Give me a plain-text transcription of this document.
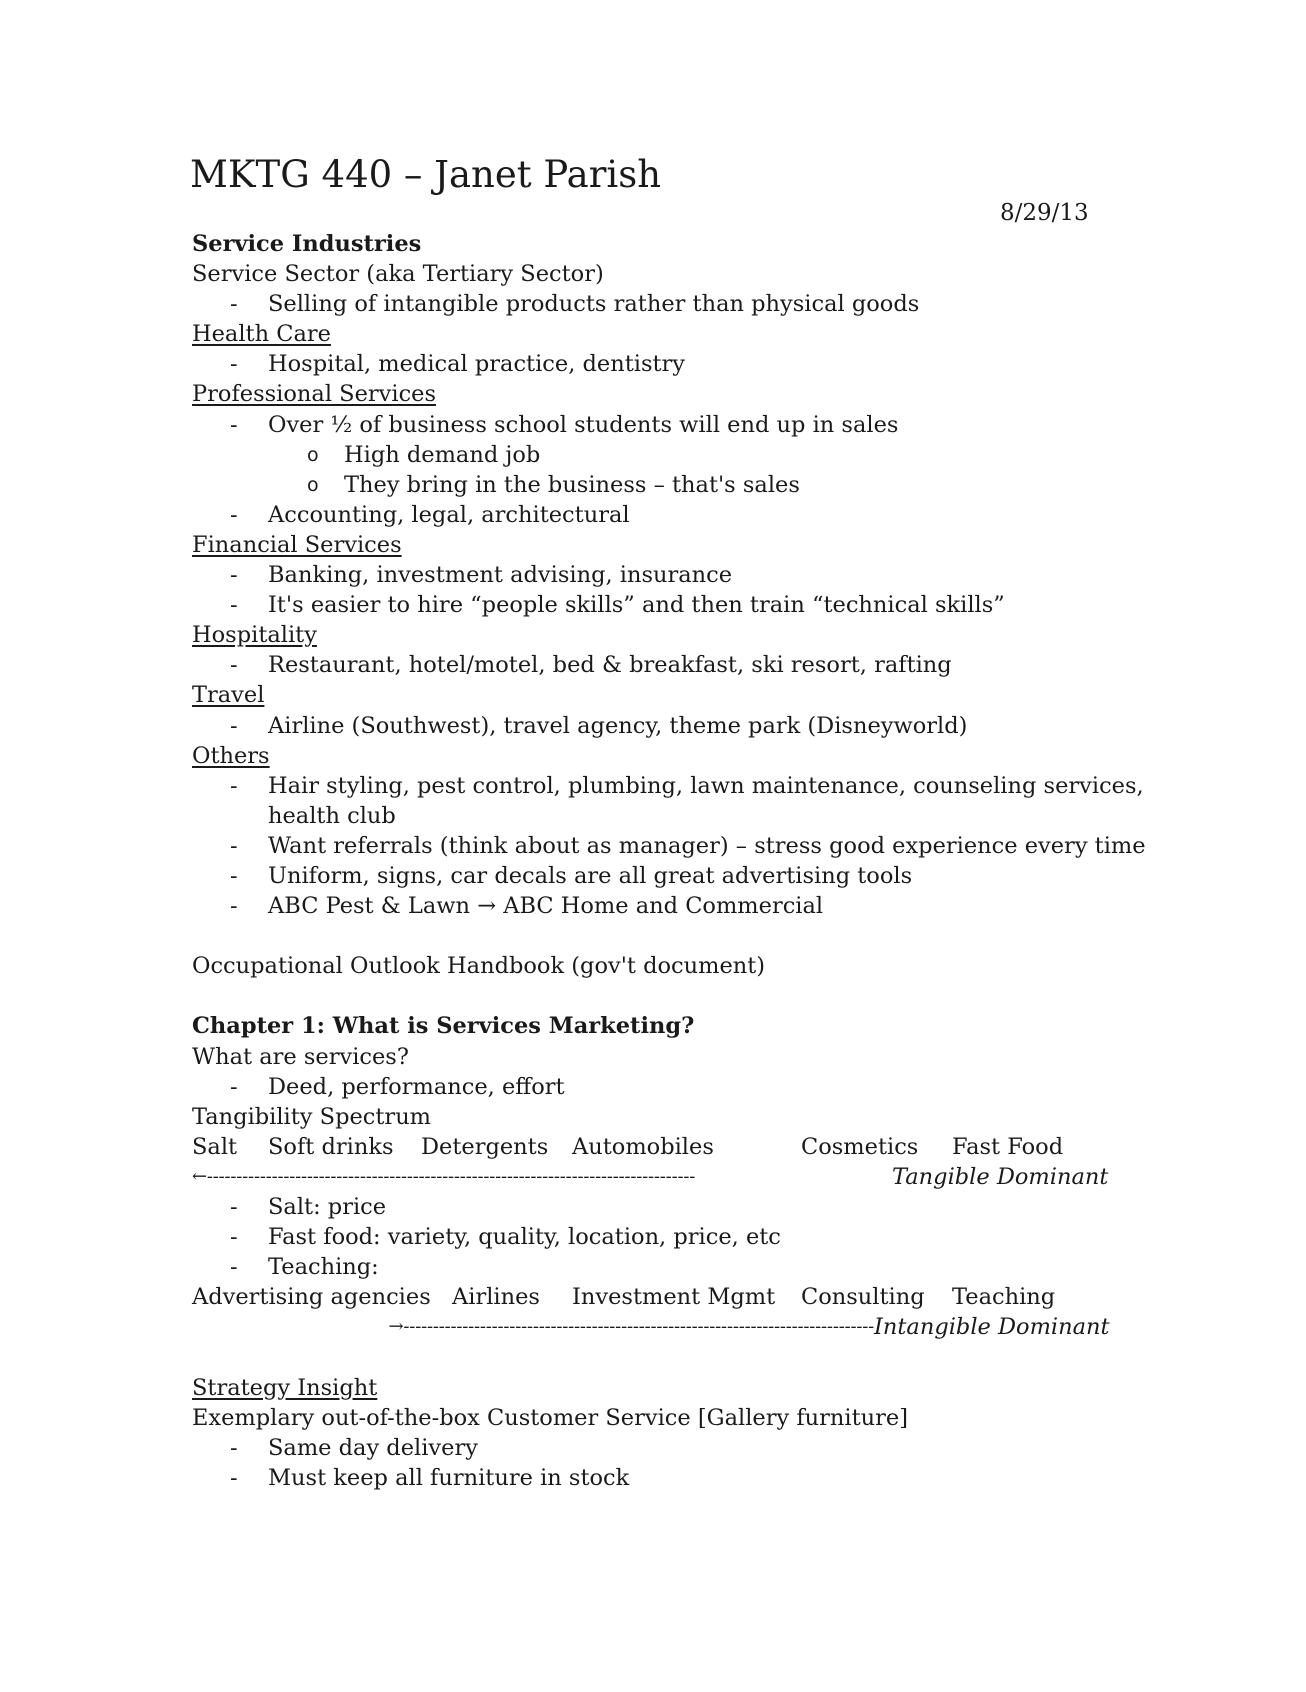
MKTG 440 – Janet Parish
8/29/13
Service Industries
Service Sector (aka Tertiary Sector)
- Selling of intangible products rather than physical goods
Health Care
- Hospital, medical practice, dentistry
Professional Services
- Over ½ of business school students will end up in sales
o High demand job
o They bring in the business – that's sales
- Accounting, legal, architectural
Financial Services
- Banking, investment advising, insurance
- It's easier to hire “people skills” and then train “technical skills”
Hospitality
- Restaurant, hotel/motel, bed & breakfast, ski resort, rafting
Travel
- Airline (Southwest), travel agency, theme park (Disneyworld)
Others
- Hair styling, pest control, plumbing, lawn maintenance, counseling services,
health club
- Want referrals (think about as manager) – stress good experience every time
- Uniform, signs, car decals are all great advertising tools
- ABC Pest & Lawn → ABC Home and Commercial
Occupational Outlook Handbook (gov't document)
Chapter 1: What is Services Marketing?
What are services?
- Deed, performance, effort
Tangibility Spectrum
Salt Soft drinks Detergents Automobiles	Cosmetics Fast Food
←-----------------------------------------------------------------------------------	Tangible Dominant
- Salt: price
- Fast food: variety, quality, location, price, etc
- Teaching:
Advertising agencies Airlines Investment Mgmt Consulting Teaching
--------------------------------------------------------------------------------→ Intangible Dominant
Strategy Insight
Exemplary out-of-the-box Customer Service [Gallery furniture]
- Same day delivery
- Must keep all furniture in stock
